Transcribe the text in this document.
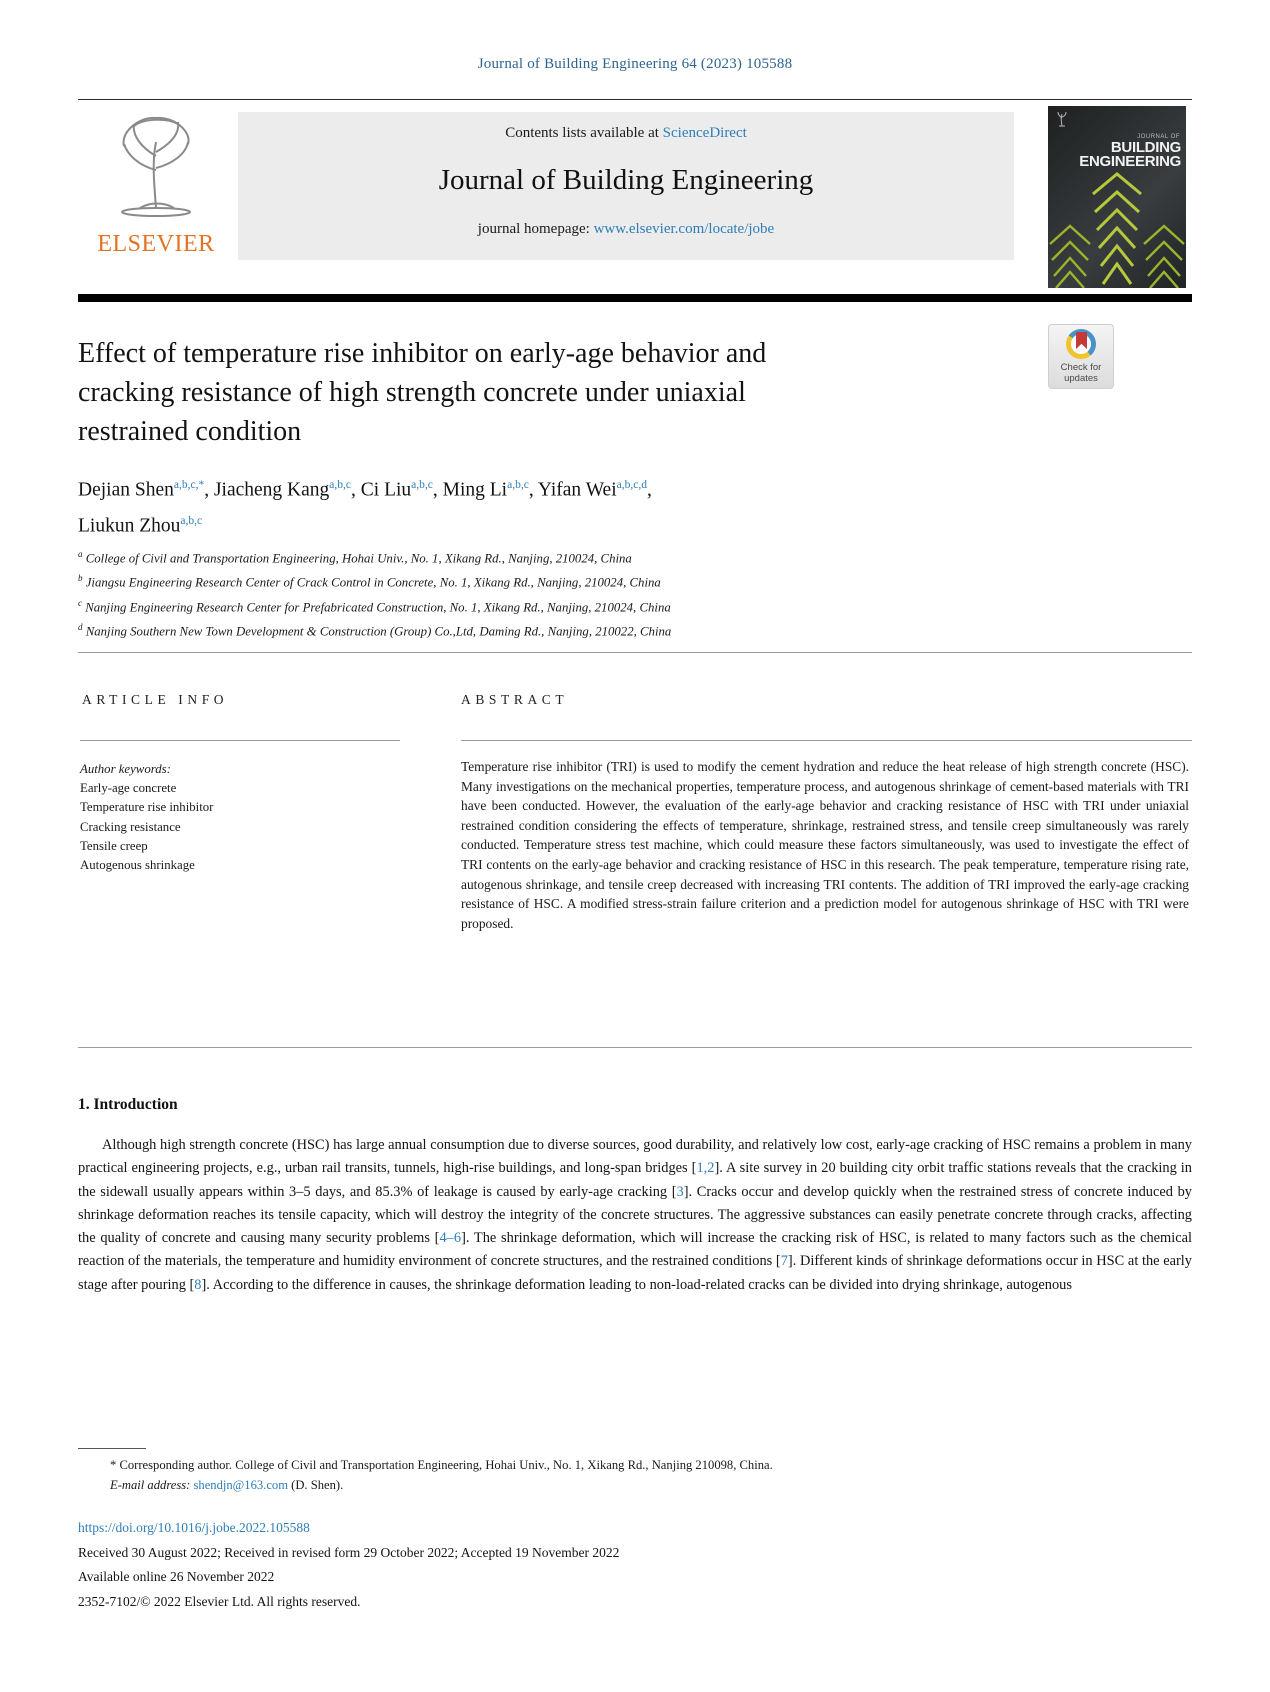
Journal of Building Engineering 64 (2023) 105588
ELSEVIER
Contents lists available at ScienceDirect
Journal of Building Engineering
journal homepage: www.elsevier.com/locate/jobe
JOURNAL OF
BUILDING
ENGINEERING
Check for
updates
Effect of temperature rise inhibitor on early-age behavior and
cracking resistance of high strength concrete under uniaxial
restrained condition
Dejian Shen$^{a,b,c,*}$, Jiacheng Kang$^{a,b,c}$, Ci Liu$^{a,b,c}$, Ming Li$^{a,b,c}$, Yifan Wei$^{a,b,c,d}$,
Liukun Zhou$^{a,b,c}$
$^a$ College of Civil and Transportation Engineering, Hohai Univ., No. 1, Xikang Rd., Nanjing, 210024, China
$^b$ Jiangsu Engineering Research Center of Crack Control in Concrete, No. 1, Xikang Rd., Nanjing, 210024, China
$^c$ Nanjing Engineering Research Center for Prefabricated Construction, No. 1, Xikang Rd., Nanjing, 210024, China
$^d$ Nanjing Southern New Town Development & Construction (Group) Co.,Ltd, Daming Rd., Nanjing, 210022, China
ARTICLE INFO
Author keywords:
Early-age concrete
Temperature rise inhibitor
Cracking resistance
Tensile creep
Autogenous shrinkage
ABSTRACT
Temperature rise inhibitor (TRI) is used to modify the cement hydration and reduce the heat release of high strength concrete (HSC). Many investigations on the mechanical properties, temperature process, and autogenous shrinkage of cement-based materials with TRI have been conducted. However, the evaluation of the early-age behavior and cracking resistance of HSC with TRI under uniaxial restrained condition considering the effects of temperature, shrinkage, restrained stress, and tensile creep simultaneously was rarely conducted. Temperature stress test machine, which could measure these factors simultaneously, was used to investigate the effect of TRI contents on the early-age behavior and cracking resistance of HSC in this research. The peak temperature, temperature rising rate, autogenous shrinkage, and tensile creep decreased with increasing TRI contents. The addition of TRI improved the early-age cracking resistance of HSC. A modified stress-strain failure criterion and a prediction model for autogenous shrinkage of HSC with TRI were proposed.
1. Introduction
Although high strength concrete (HSC) has large annual consumption due to diverse sources, good durability, and relatively low cost, early-age cracking of HSC remains a problem in many practical engineering projects, e.g., urban rail transits, tunnels, high-rise buildings, and long-span bridges [1,2]. A site survey in 20 building city orbit traffic stations reveals that the cracking in the sidewall usually appears within 3–5 days, and 85.3% of leakage is caused by early-age cracking [3]. Cracks occur and develop quickly when the restrained stress of concrete induced by shrinkage deformation reaches its tensile capacity, which will destroy the integrity of the concrete structures. The aggressive substances can easily penetrate concrete through cracks, affecting the quality of concrete and causing many security problems [4–6]. The shrinkage deformation, which will increase the cracking risk of HSC, is related to many factors such as the chemical reaction of the materials, the temperature and humidity environment of concrete structures, and the restrained conditions [7]. Different kinds of shrinkage deformations occur in HSC at the early stage after pouring [8]. According to the difference in causes, the shrinkage deformation leading to non-load-related cracks can be divided into drying shrinkage, autogenous
* Corresponding author. College of Civil and Transportation Engineering, Hohai Univ., No. 1, Xikang Rd., Nanjing 210098, China.
E-mail address: shendjn@163.com (D. Shen).
https://doi.org/10.1016/j.jobe.2022.105588
Received 30 August 2022; Received in revised form 29 October 2022; Accepted 19 November 2022
Available online 26 November 2022
2352-7102/© 2022 Elsevier Ltd. All rights reserved.
